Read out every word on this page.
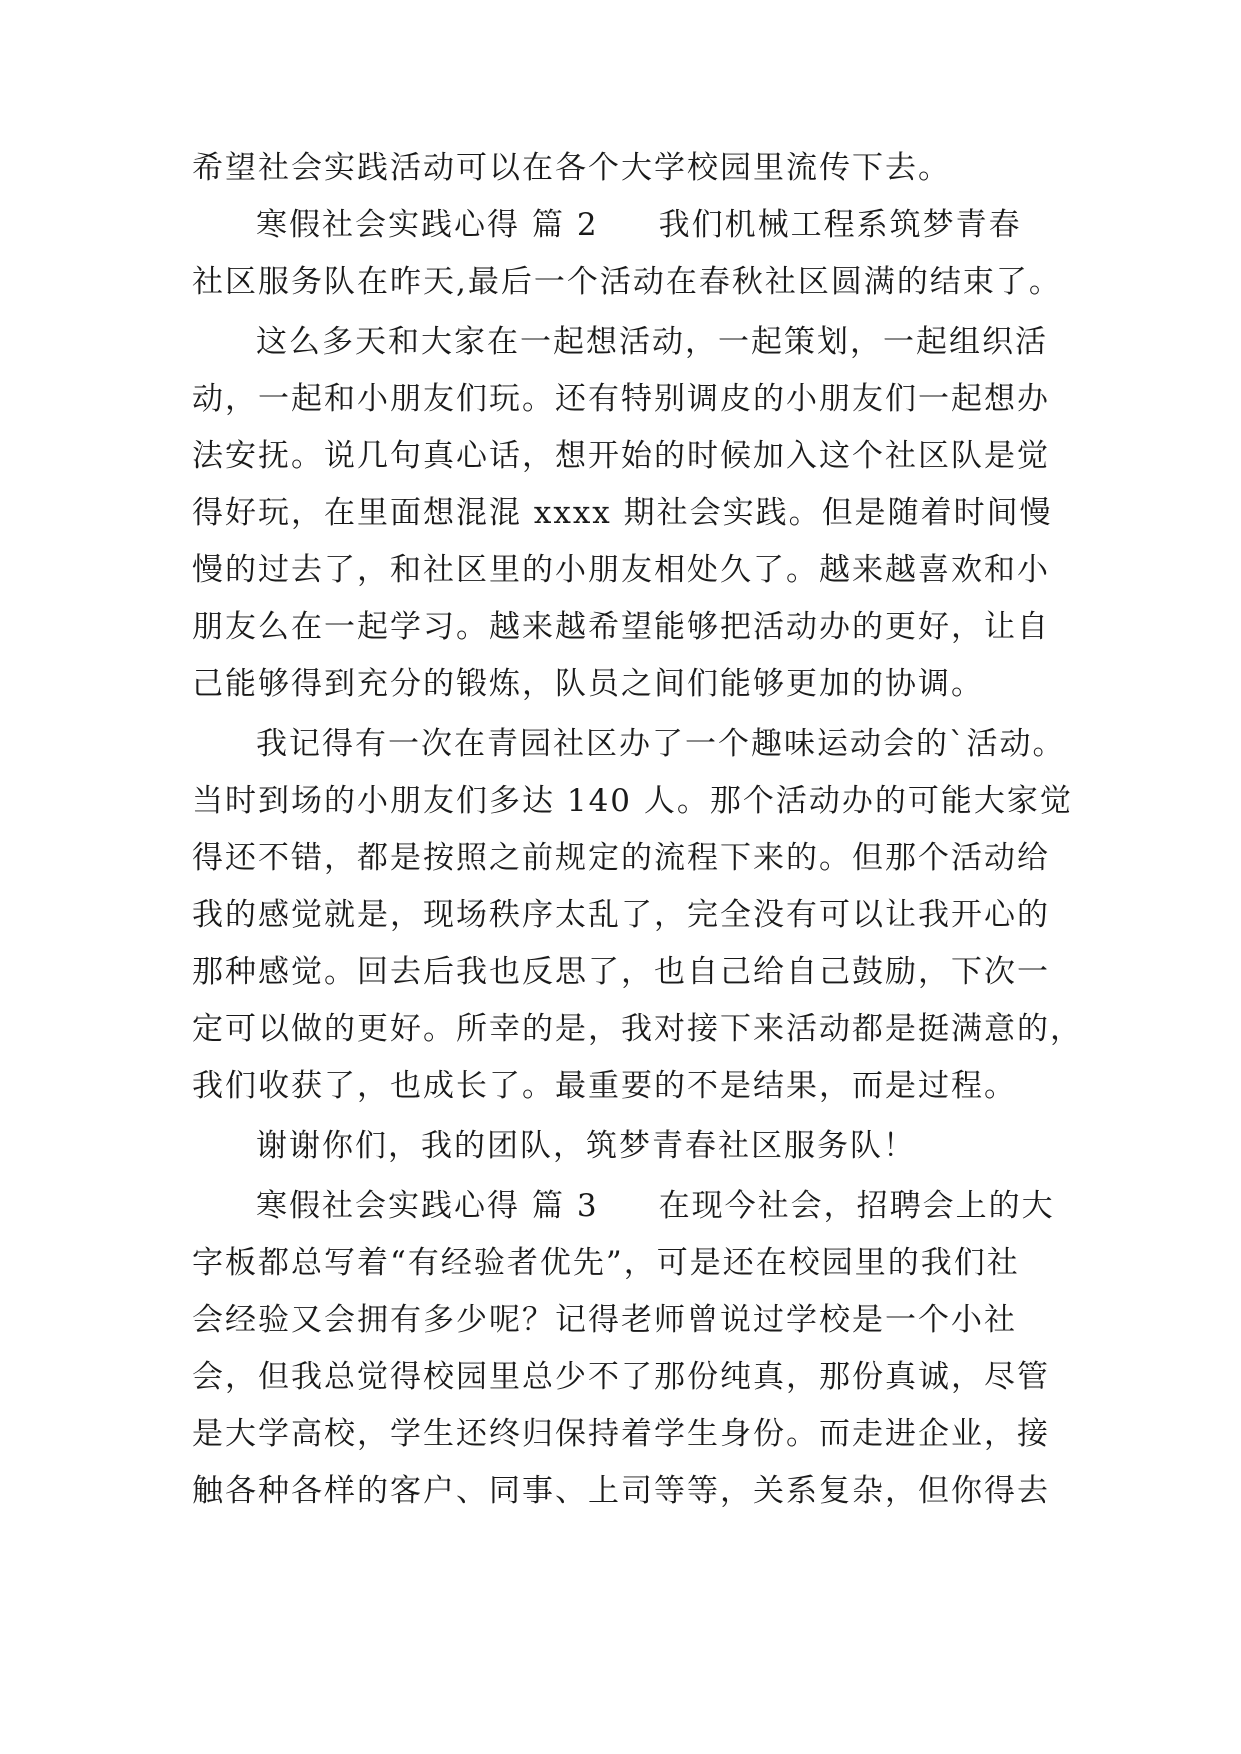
希望社会实践活动可以在各个大学校园里流传下去。
寒假社会实践心得 篇 2 我们机械工程系筑梦青春
社区服务队在昨天,最后一个活动在春秋社区圆满的结束了。
这么多天和大家在一起想活动，一起策划，一起组织活
动，一起和小朋友们玩。还有特别调皮的小朋友们一起想办
法安抚。说几句真心话，想开始的时候加入这个社区队是觉
得好玩，在里面想混混 xxxx 期社会实践。但是随着时间慢
慢的过去了，和社区里的小朋友相处久了。越来越喜欢和小
朋友么在一起学习。越来越希望能够把活动办的更好，让自
己能够得到充分的锻炼，队员之间们能够更加的协调。
我记得有一次在青园社区办了一个趣味运动会的`活动。
当时到场的小朋友们多达 140 人。那个活动办的可能大家觉
得还不错，都是按照之前规定的流程下来的。但那个活动给
我的感觉就是，现场秩序太乱了，完全没有可以让我开心的
那种感觉。回去后我也反思了，也自己给自己鼓励，下次一
定可以做的更好。所幸的是，我对接下来活动都是挺满意的，
我们收获了，也成长了。最重要的不是结果，而是过程。
谢谢你们，我的团队，筑梦青春社区服务队！
寒假社会实践心得 篇 3 在现今社会，招聘会上的大
字板都总写着“有经验者优先”，可是还在校园里的我们社
会经验又会拥有多少呢？记得老师曾说过学校是一个小社
会，但我总觉得校园里总少不了那份纯真，那份真诚，尽管
是大学高校，学生还终归保持着学生身份。而走进企业，接
触各种各样的客户、同事、上司等等，关系复杂，但你得去
